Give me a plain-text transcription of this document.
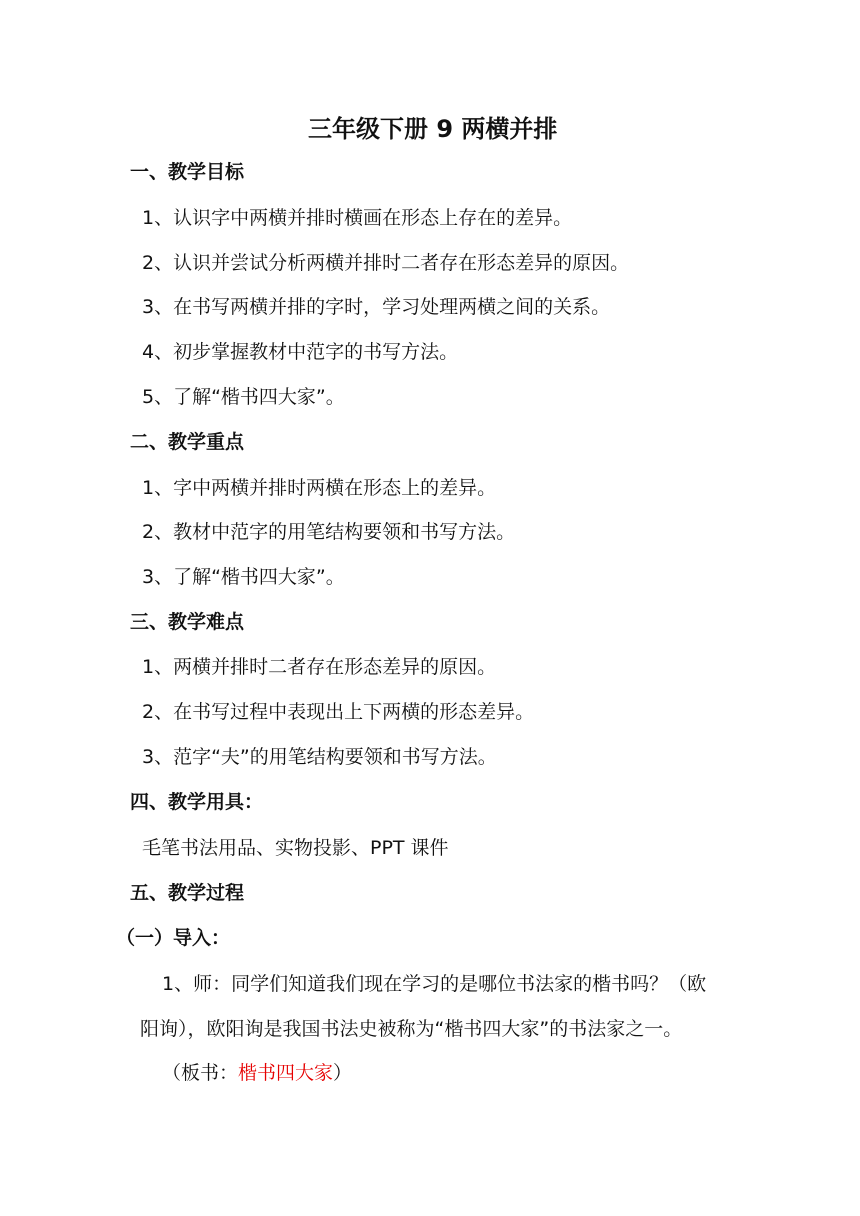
三年级下册 9 两横并排
一、教学目标
1、认识字中两横并排时横画在形态上存在的差异。
2、认识并尝试分析两横并排时二者存在形态差异的原因。
3、在书写两横并排的字时，学习处理两横之间的关系。
4、初步掌握教材中范字的书写方法。
5、了解“楷书四大家”。
二、教学重点
1、字中两横并排时两横在形态上的差异。
2、教材中范字的用笔结构要领和书写方法。
3、了解“楷书四大家”。
三、教学难点
1、两横并排时二者存在形态差异的原因。
2、在书写过程中表现出上下两横的形态差异。
3、范字“夫”的用笔结构要领和书写方法。
四、教学用具：
毛笔书法用品、实物投影、PPT 课件
五、教学过程
（一）导入：
1、师：同学们知道我们现在学习的是哪位书法家的楷书吗？（欧
阳询），欧阳询是我国书法史被称为“楷书四大家”的书法家之一。
（板书：楷书四大家）
